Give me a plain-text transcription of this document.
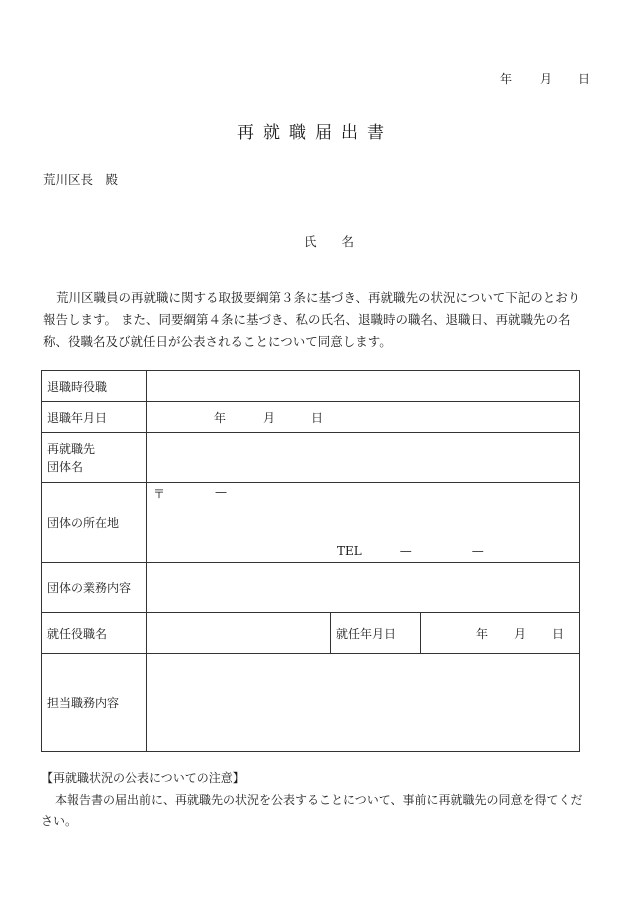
年 月 日
再就職届出書
荒川区長　殿
氏　　名
荒川区職員の再就職に関する取扱要綱第３条に基づき、再就職先の状況について下記のとおり報告します。 また、同要綱第４条に基づき、私の氏名、退職時の職名、退職日、再就職先の名称、役職名及び就任日が公表されることについて同意します。
退職時役職			
退職年月日	年 月 日		

再就職先
団体名			

団体の所在地	〒 —
TEL — —		

団体の業務内容			
就任役職名		就任年月日	年 月 日
担当職務内容			
【再就職状況の公表についての注意】
本報告書の届出前に、再就職先の状況を公表することについて、事前に再就職先の同意を得てください。
